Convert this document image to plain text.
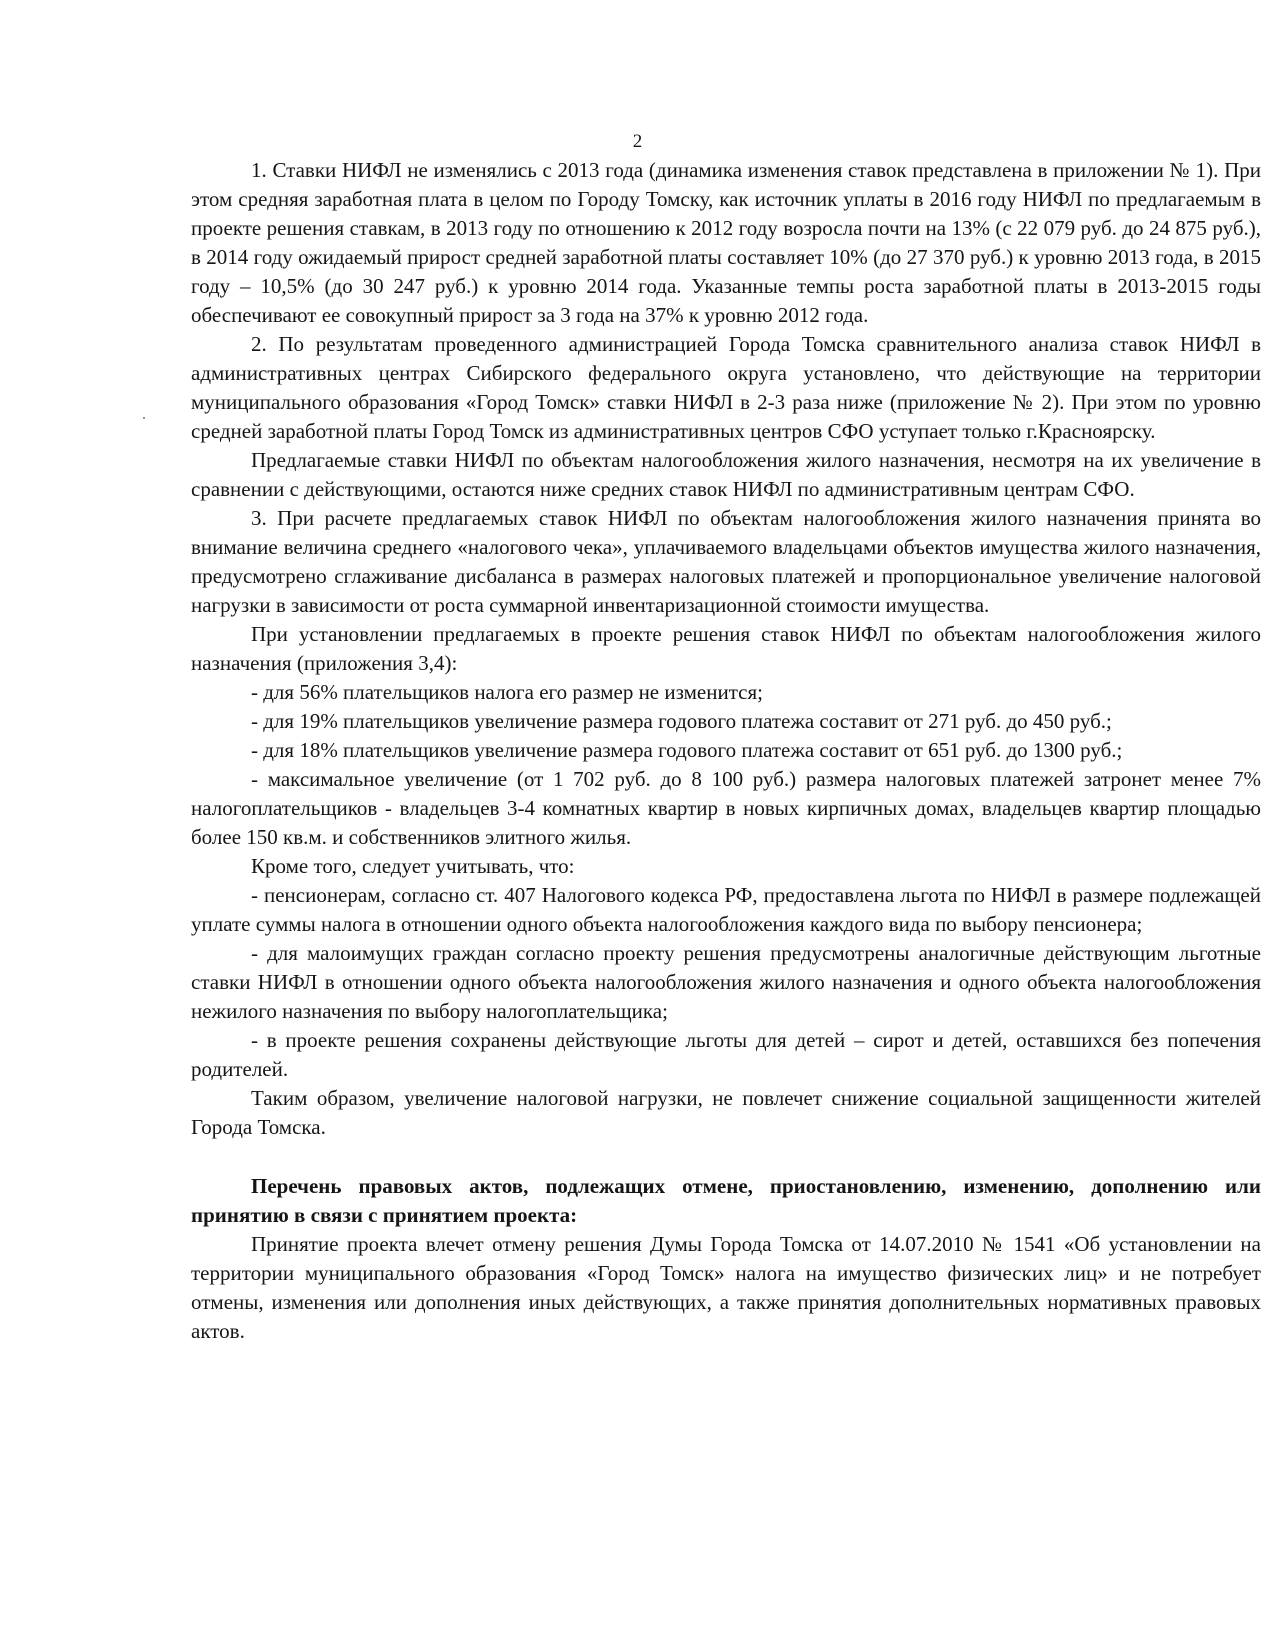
2

1. Ставки НИФЛ не изменялись с 2013 года (динамика изменения ставок представлена в приложении № 1). При этом средняя заработная плата в целом по Городу Томску, как источник уплаты в 2016 году НИФЛ по предлагаемым в проекте решения ставкам, в 2013 году по отношению к 2012 году возросла почти на 13% (с 22 079 руб. до 24 875 руб.), в 2014 году ожидаемый прирост средней заработной платы составляет 10% (до 27 370 руб.) к уровню 2013 года, в 2015 году – 10,5% (до 30 247 руб.) к уровню 2014 года. Указанные темпы роста заработной платы в 2013-2015 годы обеспечивают ее совокупный прирост за 3 года на 37% к уровню 2012 года.

2. По результатам проведенного администрацией Города Томска сравнительного анализа ставок НИФЛ в административных центрах Сибирского федерального округа установлено, что действующие на территории муниципального образования «Город Томск» ставки НИФЛ в 2-3 раза ниже (приложение № 2). При этом по уровню средней заработной платы Город Томск из административных центров СФО уступает только г.Красноярску.

Предлагаемые ставки НИФЛ по объектам налогообложения жилого назначения, несмотря на их увеличение в сравнении с действующими, остаются ниже средних ставок НИФЛ по административным центрам СФО.

3. При расчете предлагаемых ставок НИФЛ по объектам налогообложения жилого назначения принята во внимание величина среднего «налогового чека», уплачиваемого владельцами объектов имущества жилого назначения, предусмотрено сглаживание дисбаланса в размерах налоговых платежей и пропорциональное увеличение налоговой нагрузки в зависимости от роста суммарной инвентаризационной стоимости имущества.

При установлении предлагаемых в проекте решения ставок НИФЛ по объектам налогообложения жилого назначения (приложения 3,4):

- для 56% плательщиков налога его размер не изменится;

- для 19% плательщиков увеличение размера годового платежа составит от 271 руб. до 450 руб.;

- для 18% плательщиков увеличение размера годового платежа составит от 651 руб. до 1300 руб.;

- максимальное увеличение (от 1 702 руб. до 8 100 руб.) размера налоговых платежей затронет менее 7% налогоплательщиков - владельцев 3-4 комнатных квартир в новых кирпичных домах, владельцев квартир площадью более 150 кв.м. и собственников элитного жилья.

Кроме того, следует учитывать, что:

- пенсионерам, согласно ст. 407 Налогового кодекса РФ, предоставлена льгота по НИФЛ в размере подлежащей уплате суммы налога в отношении одного объекта налогообложения каждого вида по выбору пенсионера;

- для малоимущих граждан согласно проекту решения предусмотрены аналогичные действующим льготные ставки НИФЛ в отношении одного объекта налогообложения жилого назначения и одного объекта налогообложения нежилого назначения по выбору налогоплательщика;

- в проекте решения сохранены действующие льготы для детей – сирот и детей, оставшихся без попечения родителей.

Таким образом, увеличение налоговой нагрузки, не повлечет снижение социальной защищенности жителей Города Томска.

Перечень правовых актов, подлежащих отмене, приостановлению, изменению, дополнению или принятию в связи с принятием проекта:

Принятие проекта влечет отмену решения Думы Города Томска от 14.07.2010 № 1541 «Об установлении на территории муниципального образования «Город Томск» налога на имущество физических лиц» и не потребует отмены, изменения или дополнения иных действующих, а также принятия дополнительных нормативных правовых актов.
